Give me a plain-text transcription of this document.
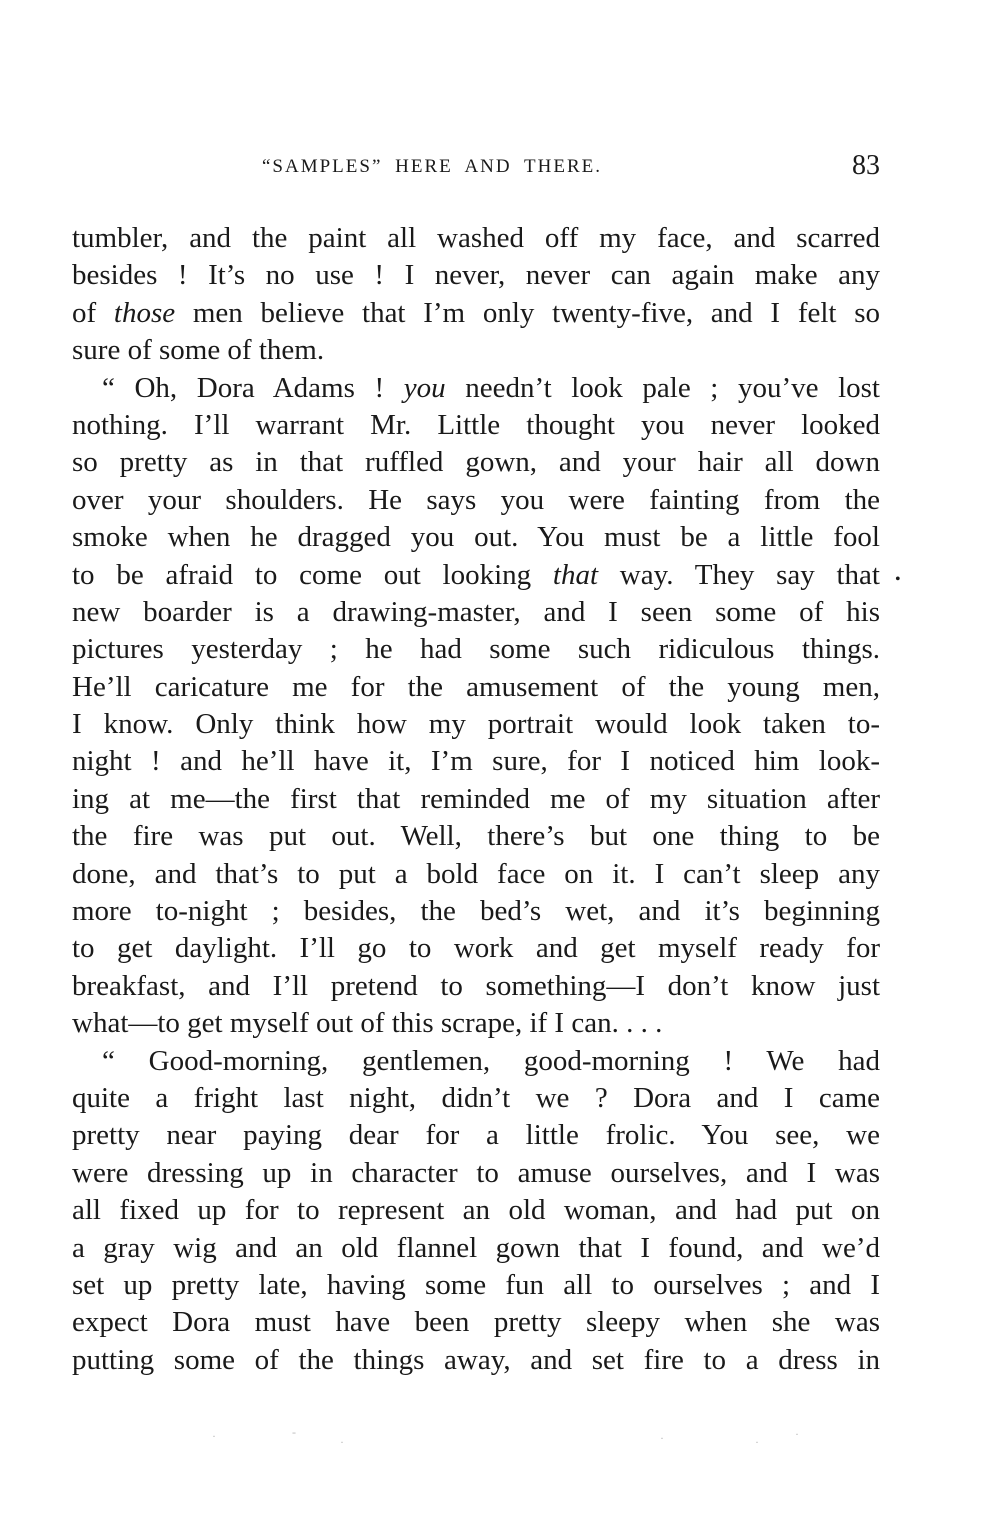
“SAMPLES” HERE AND THERE.	83
tumbler, and the paint all washed off my face, and scarred
besides ! It’s no use ! I never, never can again make any
of those men believe that I’m only twenty-five, and I felt so
sure of some of them.
“ Oh, Dora Adams ! you needn’t look pale ; you’ve lost
nothing. I’ll warrant Mr. Little thought you never looked
so pretty as in that ruffled gown, and your hair all down
over your shoulders. He says you were fainting from the
smoke when he dragged you out. You must be a little fool
to be afraid to come out looking that way. They say that
new boarder is a drawing-master, and I seen some of his
pictures yesterday ; he had some such ridiculous things.
He’ll caricature me for the amusement of the young men,
I know. Only think how my portrait would look taken to-
night ! and he’ll have it, I’m sure, for I noticed him look-
ing at me—the first that reminded me of my situation after
the fire was put out. Well, there’s but one thing to be
done, and that’s to put a bold face on it. I can’t sleep any
more to-night ; besides, the bed’s wet, and it’s beginning
to get daylight. I’ll go to work and get myself ready for
breakfast, and I’ll pretend to something—I don’t know just
what—to get myself out of this scrape, if I can. . . .
“ Good-morning, gentlemen, good-morning ! We had
quite a fright last night, didn’t we ? Dora and I came
pretty near paying dear for a little frolic. You see, we
were dressing up in character to amuse ourselves, and I was
all fixed up for to represent an old woman, and had put on
a gray wig and an old flannel gown that I found, and we’d
set up pretty late, having some fun all to ourselves ; and I
expect Dora must have been pretty sleepy when she was
putting some of the things away, and set fire to a dress in
•
·	-
·	·	·
·
